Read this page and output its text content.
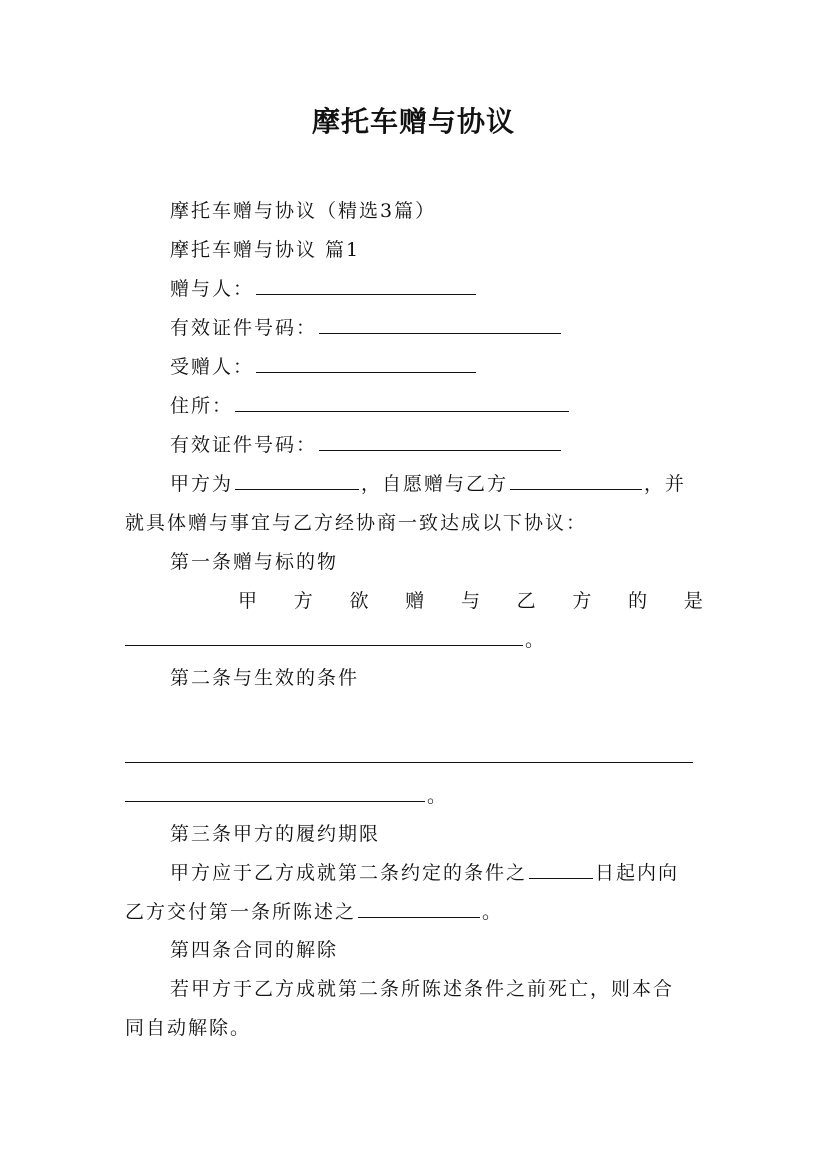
摩托车赠与协议
摩托车赠与协议（精选3篇）
摩托车赠与协议 篇1
赠与人：
有效证件号码：
受赠人：
住所：
有效证件号码：
甲方为	，自愿赠与乙方	，并
就具体赠与事宜与乙方经协商一致达成以下协议：
第一条赠与标的物
甲 方 欲 赠 与 乙 方 的 是
。
第二条与生效的条件
。
第三条甲方的履约期限
甲方应于乙方成就第二条约定的条件之	日起内向
乙方交付第一条所陈述之	。
第四条合同的解除
若甲方于乙方成就第二条所陈述条件之前死亡，则本合
同自动解除。
